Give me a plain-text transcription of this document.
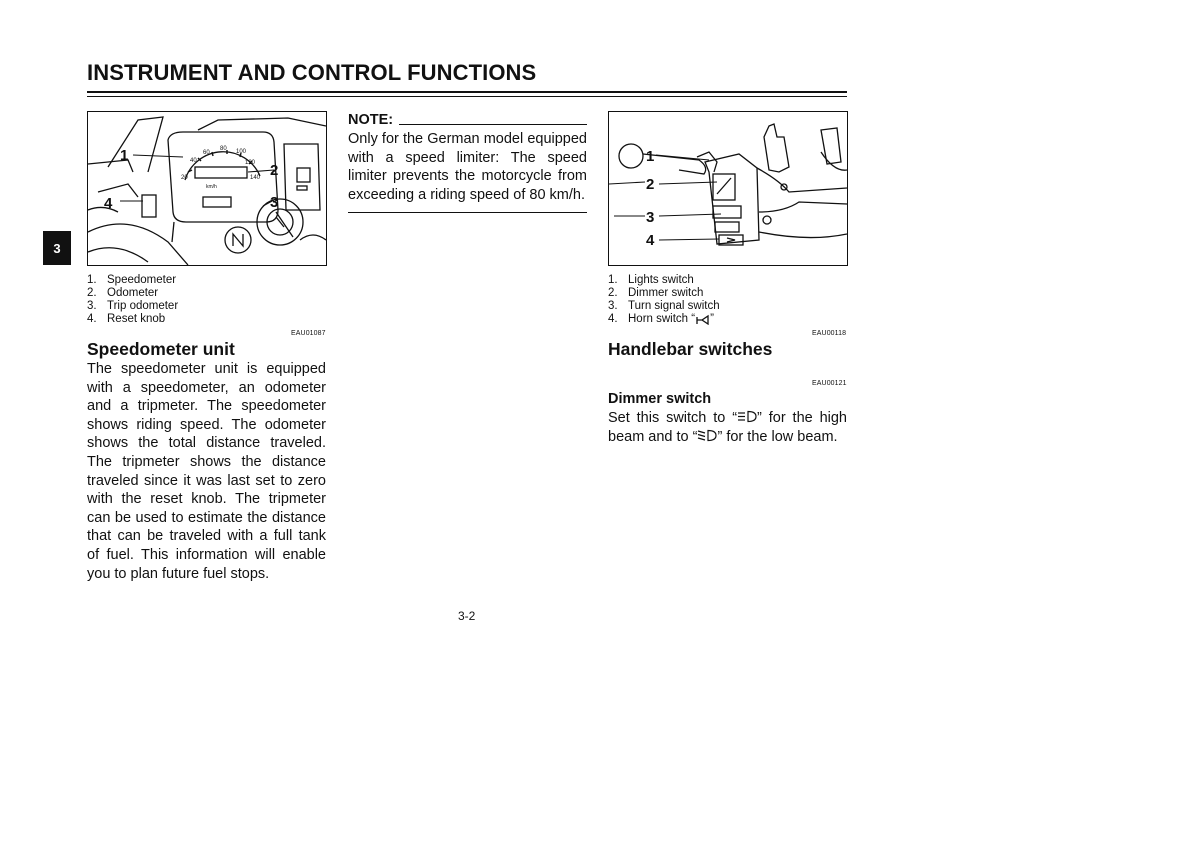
INSTRUMENT AND CONTROL FUNCTIONS
3
20
40
60
80 100
120
140
km/h
1
2
3
4
1. Speedometer
2. Odometer
3. Trip odometer
4. Reset knob
EAU01087
Speedometer unit

The speedometer unit is equipped with a speedometer, an odometer and a tripmeter. The speedometer shows riding speed. The odometer shows the total distance traveled. The tripmeter shows the distance traveled since it was last set to zero with the reset knob. The tripmeter can be used to estimate the distance that can be traveled with a full tank of fuel. This information will enable you to plan future fuel stops.

NOTE:

Only for the German model equipped with a speed limiter: The speed limiter prevents the motorcycle from exceeding a riding speed of 80 km/h.

1
2
3
4
1. Lights switch
2. Dimmer switch
3. Turn signal switch
4. Horn switch “ ”
EAU00118
Handlebar switches
EAU00121
Dimmer switch

Set this switch to “ ” for the high beam and to “ ” for the low beam.

3-2
